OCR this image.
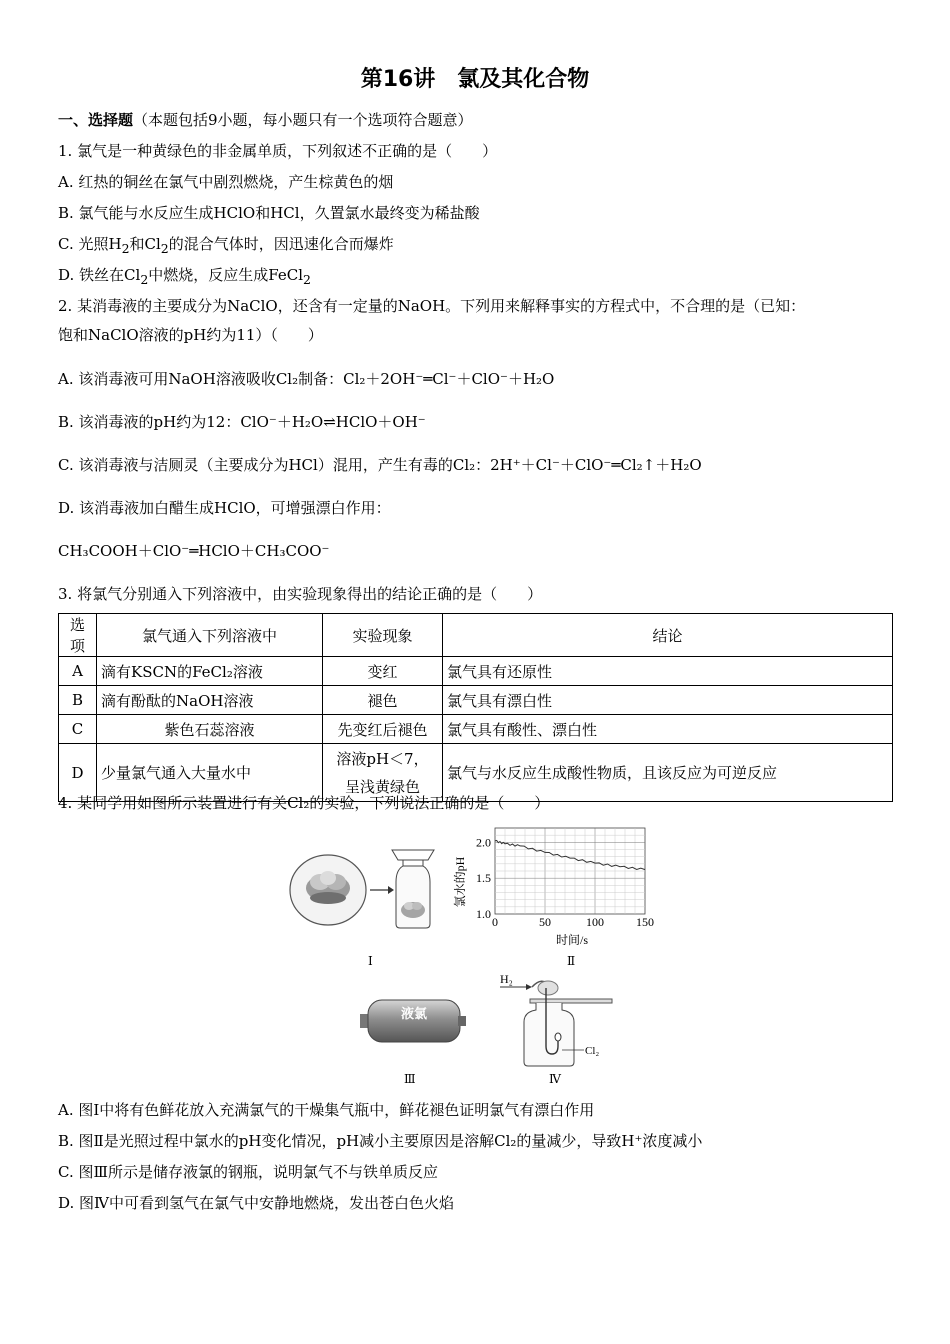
第16讲　氯及其化合物
一、选择题（本题包括9小题，每小题只有一个选项符合题意）
1. 氯气是一种黄绿色的非金属单质，下列叙述不正确的是（　　）
A. 红热的铜丝在氯气中剧烈燃烧，产生棕黄色的烟
B. 氯气能与水反应生成HClO和HCl，久置氯水最终变为稀盐酸
C. 光照$H_2$和$Cl_2$的混合气体时，因迅速化合而爆炸
D. 铁丝在$Cl_2$中燃烧，反应生成FeCl$_2$
2. 某消毒液的主要成分为NaClO，还含有一定量的NaOH。下列用来解释事实的方程式中，不合理的是（已知：
饱和NaClO溶液的pH约为11）（　　）
A. 该消毒液可用NaOH溶液吸收Cl₂制备：Cl₂＋2OH⁻═Cl⁻＋ClO⁻＋H₂O
B. 该消毒液的pH约为12：ClO⁻＋H₂O⇌HClO＋OH⁻
C. 该消毒液与洁厕灵（主要成分为HCl）混用，产生有毒的Cl₂：2H⁺＋Cl⁻＋ClO⁻═Cl₂↑＋H₂O
D. 该消毒液加白醋生成HClO，可增强漂白作用：
CH₃COOH＋ClO⁻═HClO＋CH₃COO⁻
3. 将氯气分别通入下列溶液中，由实验现象得出的结论正确的是（　　）
选项	氯气通入下列溶液中	实验现象	结论
A	滴有KSCN的FeCl₂溶液	变红	氯气具有还原性
B	滴有酚酞的NaOH溶液	褪色	氯气具有漂白性
C	紫色石蕊溶液	先变红后褪色	氯气具有酸性、漂白性
D	少量氯气通入大量水中	溶液pH＜7，
呈浅黄绿色	氯气与水反应生成酸性物质，且该反应为可逆反应
4. 某同学用如图所示装置进行有关Cl₂的实验，下列说法正确的是（　　）
Ⅰ
0	50	100	150
1.0
1.5
2.0
氯水的pH
时间/s
Ⅱ
液氯
Ⅲ
H₂
Cl₂
Ⅳ
A. 图Ⅰ中将有色鲜花放入充满氯气的干燥集气瓶中，鲜花褪色证明氯气有漂白作用
B. 图Ⅱ是光照过程中氯水的pH变化情况，pH减小主要原因是溶解Cl₂的量减少，导致H⁺浓度减小
C. 图Ⅲ所示是储存液氯的钢瓶，说明氯气不与铁单质反应
D. 图Ⅳ中可看到氢气在氯气中安静地燃烧，发出苍白色火焰
